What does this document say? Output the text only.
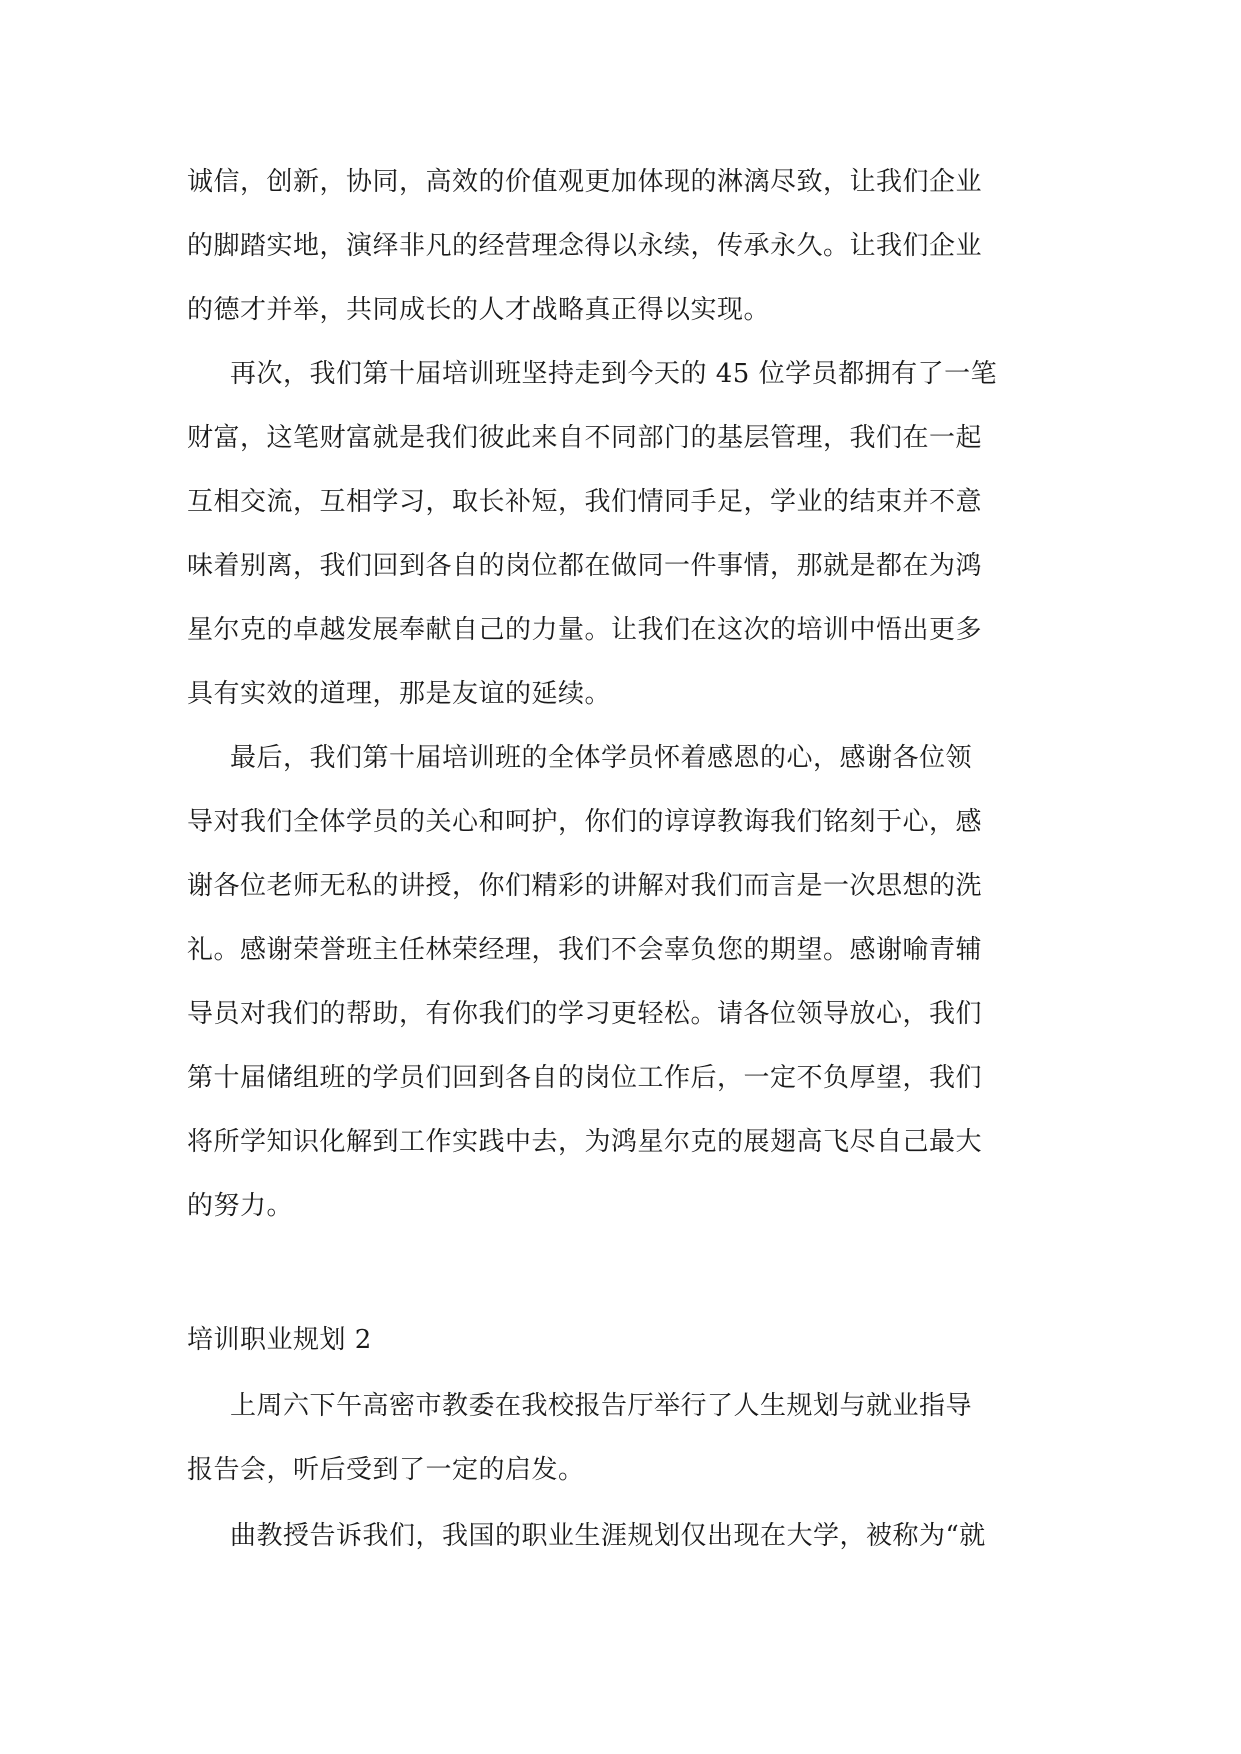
诚信，创新，协同，高效的价值观更加体现的淋漓尽致，让我们企业
的脚踏实地，演绎非凡的经营理念得以永续，传承永久。让我们企业
的德才并举，共同成长的人才战略真正得以实现。
再次，我们第十届培训班坚持走到今天的 45 位学员都拥有了一笔
财富，这笔财富就是我们彼此来自不同部门的基层管理，我们在一起
互相交流，互相学习，取长补短，我们情同手足，学业的结束并不意
味着别离，我们回到各自的岗位都在做同一件事情，那就是都在为鸿
星尔克的卓越发展奉献自己的力量。让我们在这次的培训中悟出更多
具有实效的道理，那是友谊的延续。
最后，我们第十届培训班的全体学员怀着感恩的心，感谢各位领
导对我们全体学员的关心和呵护，你们的谆谆教诲我们铭刻于心，感
谢各位老师无私的讲授，你们精彩的讲解对我们而言是一次思想的洗
礼。感谢荣誉班主任林荣经理，我们不会辜负您的期望。感谢喻青辅
导员对我们的帮助，有你我们的学习更轻松。请各位领导放心，我们
第十届储组班的学员们回到各自的岗位工作后，一定不负厚望，我们
将所学知识化解到工作实践中去，为鸿星尔克的展翅高飞尽自己最大
的努力。
培训职业规划 2
上周六下午高密市教委在我校报告厅举行了人生规划与就业指导
报告会，听后受到了一定的启发。
曲教授告诉我们，我国的职业生涯规划仅出现在大学，被称为“就
